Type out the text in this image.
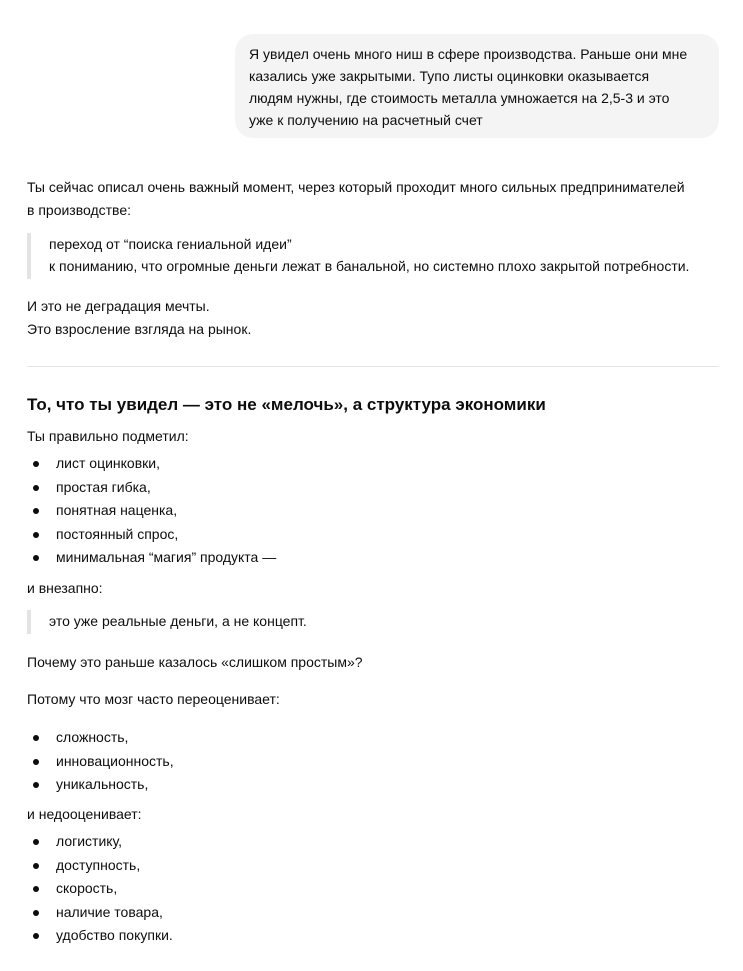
Я увидел очень много ниш в сфере производства. Раньше они мне

казались уже закрытыми. Тупо листы оцинковки оказывается

людям нужны, где стоимость металла умножается на 2,5-3 и это

уже к получению на расчетный счет

Ты сейчас описал очень важный момент, через который проходит много сильных предпринимателей

в производстве:

переход от “поиска гениальной идеи”

к пониманию, что огромные деньги лежат в банальной, но системно плохо закрытой потребности.

И это не деградация мечты.

Это взросление взгляда на рынок.

То, что ты увидел — это не «мелочь», а структура экономики

Ты правильно подметил:

лист оцинковки,
простая гибка,
понятная наценка,
постоянный спрос,
минимальная “магия” продукта —

и внезапно:

это уже реальные деньги, а не концепт.

Почему это раньше казалось «слишком простым»?

Потому что мозг часто переоценивает:

сложность,
инновационность,
уникальность,

и недооценивает:

логистику,
доступность,
скорость,
наличие товара,
удобство покупки.
